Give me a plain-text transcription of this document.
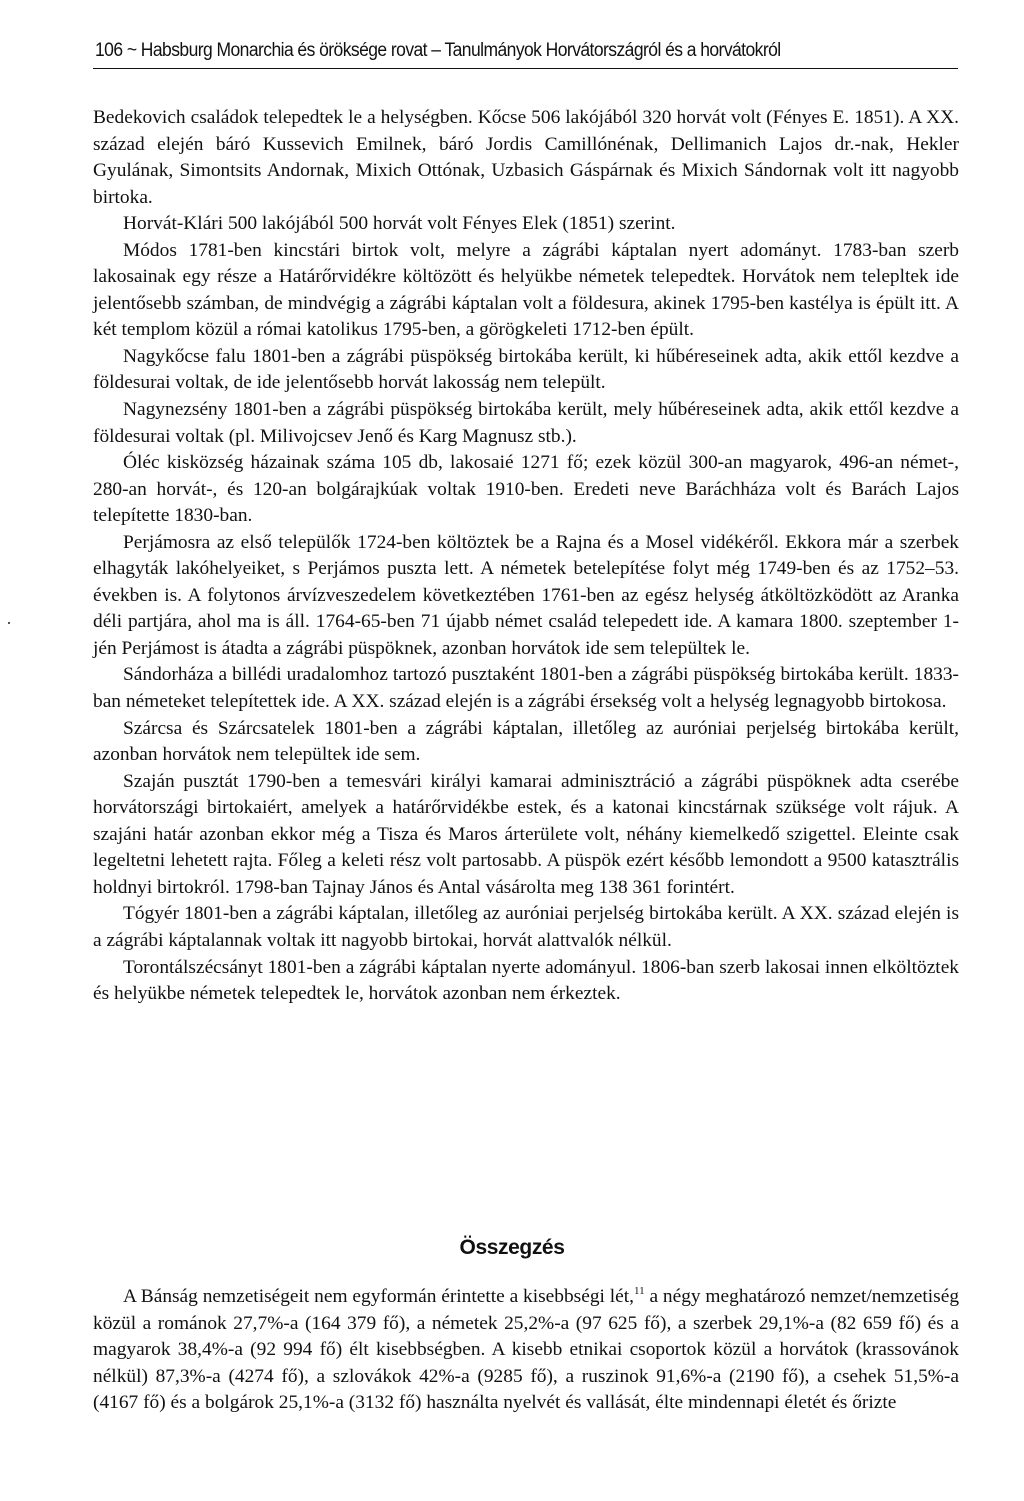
106 ~ Habsburg Monarchia és öröksége rovat – Tanulmányok Horvátországról és a horvátokról

Bedekovich családok telepedtek le a helységben. Kőcse 506 lakójából 320 horvát volt (Fényes E. 1851). A XX. század elején báró Kussevich Emilnek, báró Jordis Camillónénak, Dellimanich Lajos dr.-nak, Hekler Gyulának, Simontsits Andornak, Mixich Ottónak, Uzbasich Gáspárnak és Mixich Sándornak volt itt nagyobb birtoka.

Horvát-Klári 500 lakójából 500 horvát volt Fényes Elek (1851) szerint.

Módos 1781-ben kincstári birtok volt, melyre a zágrábi káptalan nyert adományt. 1783-ban szerb lakosainak egy része a Határőrvidékre költözött és helyükbe németek telepedtek. Horvátok nem telepltek ide jelentősebb számban, de mindvégig a zágrábi káptalan volt a földesura, akinek 1795-ben kastélya is épült itt. A két templom közül a római katolikus 1795-ben, a görögkeleti 1712-ben épült.

Nagykőcse falu 1801-ben a zágrábi püspökség birtokába került, ki hűbéreseinek adta, akik ettől kezdve a földesurai voltak, de ide jelentősebb horvát lakosság nem települt.

Nagynezsény 1801-ben a zágrábi püspökség birtokába került, mely hűbéreseinek adta, akik ettől kezdve a földesurai voltak (pl. Milivojcsev Jenő és Karg Magnusz stb.).

Óléc kisközség házainak száma 105 db, lakosaié 1271 fő; ezek közül 300-an magyarok, 496-an német-, 280-an horvát-, és 120-an bolgárajkúak voltak 1910-ben. Eredeti neve Baráchháza volt és Barách Lajos telepítette 1830-ban.

Perjámosra az első települők 1724-ben költöztek be a Rajna és a Mosel vidékéről. Ekkora már a szerbek elhagyták lakóhelyeiket, s Perjámos puszta lett. A németek betelepítése folyt még 1749-ben és az 1752–53. években is. A folytonos árvízveszedelem következtében 1761-ben az egész helység átköltözködött az Aranka déli partjára, ahol ma is áll. 1764-65-ben 71 újabb német család telepedett ide. A kamara 1800. szeptember 1-jén Perjámost is átadta a zágrábi püspöknek, azonban horvátok ide sem települtek le.

Sándorháza a billédi uradalomhoz tartozó pusztaként 1801-ben a zágrábi püspökség birtokába került. 1833-ban németeket telepítettek ide. A XX. század elején is a zágrábi érsekség volt a helység legnagyobb birtokosa.

Szárcsa és Szárcsatelek 1801-ben a zágrábi káptalan, illetőleg az auróniai perjelség birtokába került, azonban horvátok nem települtek ide sem.

Szaján pusztát 1790-ben a temesvári királyi kamarai adminisztráció a zágrábi püspöknek adta cserébe horvátországi birtokaiért, amelyek a határőrvidékbe estek, és a katonai kincstárnak szüksége volt rájuk. A szajáni határ azonban ekkor még a Tisza és Maros árterülete volt, néhány kiemelkedő szigettel. Eleinte csak legeltetni lehetett rajta. Főleg a keleti rész volt partosabb. A püspök ezért később lemondott a 9500 katasztrális holdnyi birtokról. 1798-ban Tajnay János és Antal vásárolta meg 138 361 forintért.

Tógyér 1801-ben a zágrábi káptalan, illetőleg az auróniai perjelség birtokába került. A XX. század elején is a zágrábi káptalannak voltak itt nagyobb birtokai, horvát alattvalók nélkül.

Torontálszécsányt 1801-ben a zágrábi káptalan nyerte adományul. 1806-ban szerb lakosai innen elköltöztek és helyükbe németek telepedtek le, horvátok azonban nem érkeztek.

Összegzés

A Bánság nemzetiségeit nem egyformán érintette a kisebbségi lét,$^{11}$ a négy meghatározó nemzet/nemzetiség közül a románok 27,7%-a (164 379 fő), a németek 25,2%-a (97 625 fő), a szerbek 29,1%-a (82 659 fő) és a magyarok 38,4%-a (92 994 fő) élt kisebbségben. A kisebb etnikai csoportok közül a horvátok (krassovánok nélkül) 87,3%-a (4274 fő), a szlovákok 42%-a (9285 fő), a ruszinok 91,6%-a (2190 fő), a csehek 51,5%-a (4167 fő) és a bolgárok 25,1%-a (3132 fő) használta nyelvét és vallását, élte mindennapi életét és őrizte
